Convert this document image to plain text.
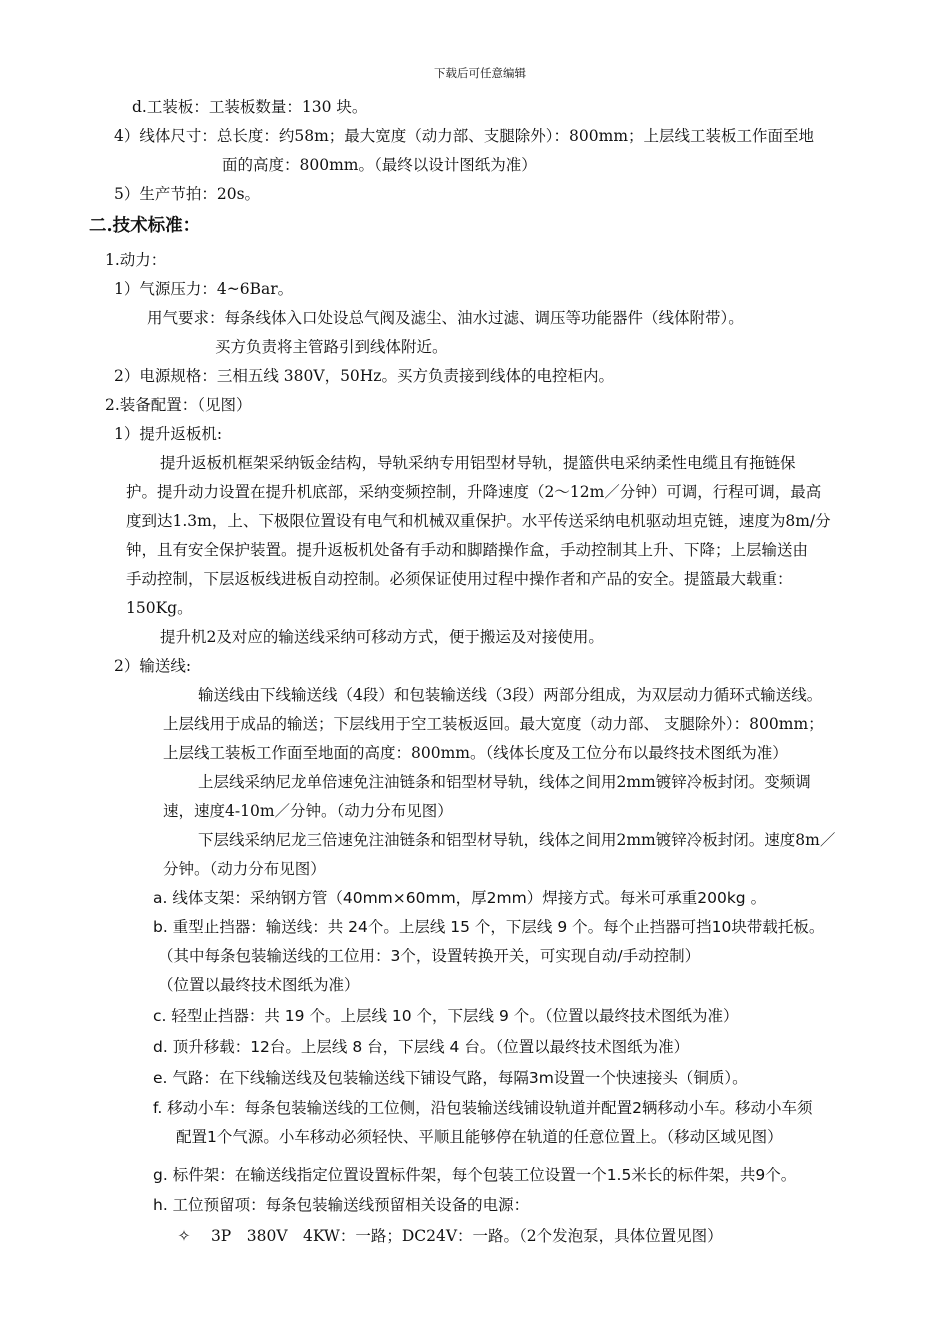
下载后可任意编辑
d.工装板：工装板数量：130 块。
4）线体尺寸：总长度：约58m；最大宽度（动力部、支腿除外）：800mm；上层线工装板工作面至地
面的高度：800mm。（最终以设计图纸为准）
5）生产节拍：20s。
二.技术标准：
1.动力：
1）气源压力：4~6Bar。
用气要求：每条线体入口处设总气阀及滤尘、油水过滤、调压等功能器件（线体附带）。
买方负责将主管路引到线体附近。
2）电源规格：三相五线 380V，50Hz。买方负责接到线体的电控柜内。
2.装备配置：（见图）
1）提升返板机:
提升返板机框架采纳钣金结构，导轨采纳专用铝型材导轨，提篮供电采纳柔性电缆且有拖链保
护。提升动力设置在提升机底部，采纳变频控制，升降速度（2～12m／分钟）可调，行程可调，最高
度到达1.3m，上、下极限位置设有电气和机械双重保护。水平传送采纳电机驱动坦克链，速度为8m/分
钟，且有安全保护装置。提升返板机处备有手动和脚踏操作盒，手动控制其上升、下降；上层输送由
手动控制，下层返板线进板自动控制。必须保证使用过程中操作者和产品的安全。提篮最大载重：
150Kg。
提升机2及对应的输送线采纳可移动方式，便于搬运及对接使用。
2）输送线:
输送线由下线输送线（4段）和包装输送线（3段）两部分组成，为双层动力循环式输送线。
上层线用于成品的输送；下层线用于空工装板返回。最大宽度（动力部、 支腿除外）：800mm；
上层线工装板工作面至地面的高度：800mm。（线体长度及工位分布以最终技术图纸为准）
上层线采纳尼龙单倍速免注油链条和铝型材导轨，线体之间用2mm镀锌冷板封闭。变频调
速，速度4-10m／分钟。（动力分布见图）
下层线采纳尼龙三倍速免注油链条和铝型材导轨，线体之间用2mm镀锌冷板封闭。速度8m／
分钟。（动力分布见图）
a. 线体支架：采纳钢方管（40mm×60mm，厚2mm）焊接方式。每米可承重200kg 。
b. 重型止挡器：输送线：共 24个。上层线 15 个，下层线 9 个。每个止挡器可挡10块带载托板。
（其中每条包装输送线的工位用：3个，设置转换开关，可实现自动/手动控制）
（位置以最终技术图纸为准）
c. 轻型止挡器：共 19 个。上层线 10 个，下层线 9 个。（位置以最终技术图纸为准）
d. 顶升移载：12台。上层线 8 台，下层线 4 台。（位置以最终技术图纸为准）
e. 气路：在下线输送线及包装输送线下铺设气路，每隔3m设置一个快速接头（铜质）。
f. 移动小车：每条包装输送线的工位侧，沿包装输送线铺设轨道并配置2辆移动小车。移动小车须
配置1个气源。小车移动必须轻快、平顺且能够停在轨道的任意位置上。（移动区域见图）
g. 标件架：在输送线指定位置设置标件架，每个包装工位设置一个1.5米长的标件架，共9个。
h. 工位预留项：每条包装输送线预留相关设备的电源：
✧ 3P　380V　4KW：一路；DC24V：一路。（2个发泡泵，具体位置见图）
